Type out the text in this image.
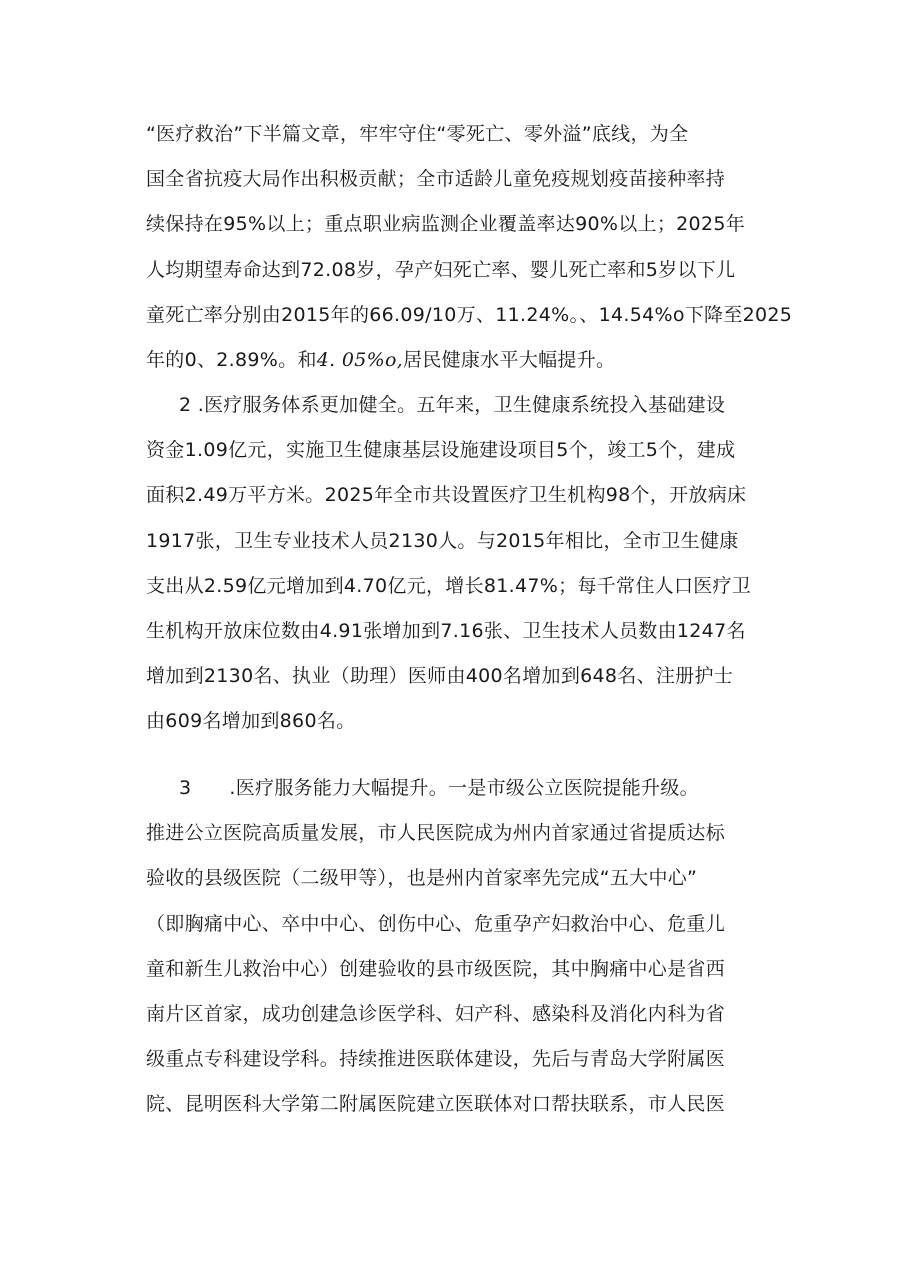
“医疗救治”下半篇文章，牢牢守住“零死亡、零外溢”底线，为全
国全省抗疫大局作出积极贡献；全市适龄儿童免疫规划疫苗接种率持
续保持在95%以上；重点职业病监测企业覆盖率达90%以上；2025年
人均期望寿命达到72.08岁，孕产妇死亡率、婴儿死亡率和5岁以下儿
童死亡率分别由2015年的66.09/10万、11.24%。、14.54%o下降至2025
年的0、2.89%。和4. 05%o,居民健康水平大幅提升。
2 .医疗服务体系更加健全。五年来，卫生健康系统投入基础建设
资金1.09亿元，实施卫生健康基层设施建设项目5个，竣工5个，建成
面积2.49万平方米。2025年全市共设置医疗卫生机构98个，开放病床
1917张，卫生专业技术人员2130人。与2015年相比，全市卫生健康
支出从2.59亿元增加到4.70亿元，增长81.47%；每千常住人口医疗卫
生机构开放床位数由4.91张增加到7.16张、卫生技术人员数由1247名
增加到2130名、执业（助理）医师由400名增加到648名、注册护士
由609名增加到860名。
3 .医疗服务能力大幅提升。一是市级公立医院提能升级。
推进公立医院高质量发展，市人民医院成为州内首家通过省提质达标
验收的县级医院（二级甲等），也是州内首家率先完成“五大中心”
（即胸痛中心、卒中中心、创伤中心、危重孕产妇救治中心、危重儿
童和新生儿救治中心）创建验收的县市级医院，其中胸痛中心是省西
南片区首家，成功创建急诊医学科、妇产科、感染科及消化内科为省
级重点专科建设学科。持续推进医联体建设，先后与青岛大学附属医
院、昆明医科大学第二附属医院建立医联体对口帮扶联系，市人民医
